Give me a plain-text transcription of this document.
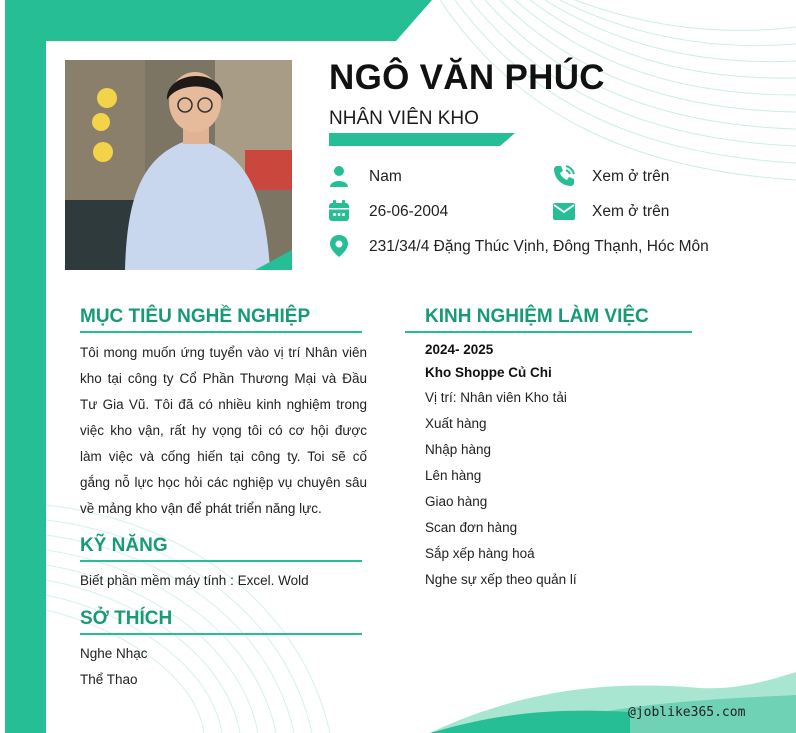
NGÔ VĂN PHÚC
NHÂN VIÊN KHO
Nam	Xem ở trên
26-06-2004	Xem ở trên
231/34/4 Đặng Thúc Vịnh, Đông Thạnh, Hóc Môn
MỤC TIÊU NGHỀ NGHIỆP
Tôi mong muốn ứng tuyển vào vị trí Nhân viên kho tại công ty Cổ Phần Thương Mại và Đầu Tư Gia Vũ. Tôi đã có nhiều kinh nghiệm trong việc kho vận, rất hy vọng tôi có cơ hội được làm việc và cống hiến tại công ty. Toi sẽ cố gắng nỗ lực học hỏi các nghiệp vụ chuyên sâu về mảng kho vận để phát triển năng lực.
KỸ NĂNG
Biết phần mềm máy tính : Excel. Wold
SỞ THÍCH
Nghe Nhạc
Thể Thao
KINH NGHIỆM LÀM VIỆC
2024- 2025
Kho Shoppe Củ Chi
Vị trí: Nhân viên Kho tải
Xuất hàng
Nhập hàng
Lên hàng
Giao hàng
Scan đơn hàng
Sắp xếp hàng hoá
Nghe sự xếp theo quản lí
@joblike365.com
